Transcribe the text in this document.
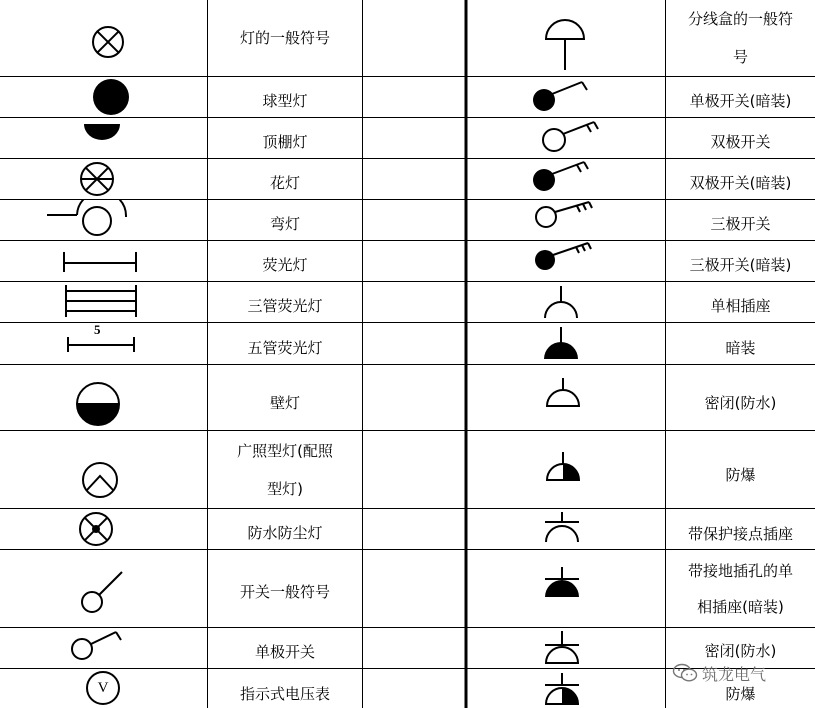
5
V
灯的一般符号
球型灯
顶棚灯
花灯
弯灯
荧光灯
三管荧光灯
五管荧光灯
壁灯
广照型灯(配照
型灯)
防水防尘灯
开关一般符号
单极开关
指示式电压表
分线盒的一般符
号
单极开关(暗装)
双极开关
双极开关(暗装)
三极开关
三极开关(暗装)
单相插座
暗装
密闭(防水)
防爆
带保护接点插座
带接地插孔的单
相插座(暗装)
密闭(防水)
防爆
筑龙电气
